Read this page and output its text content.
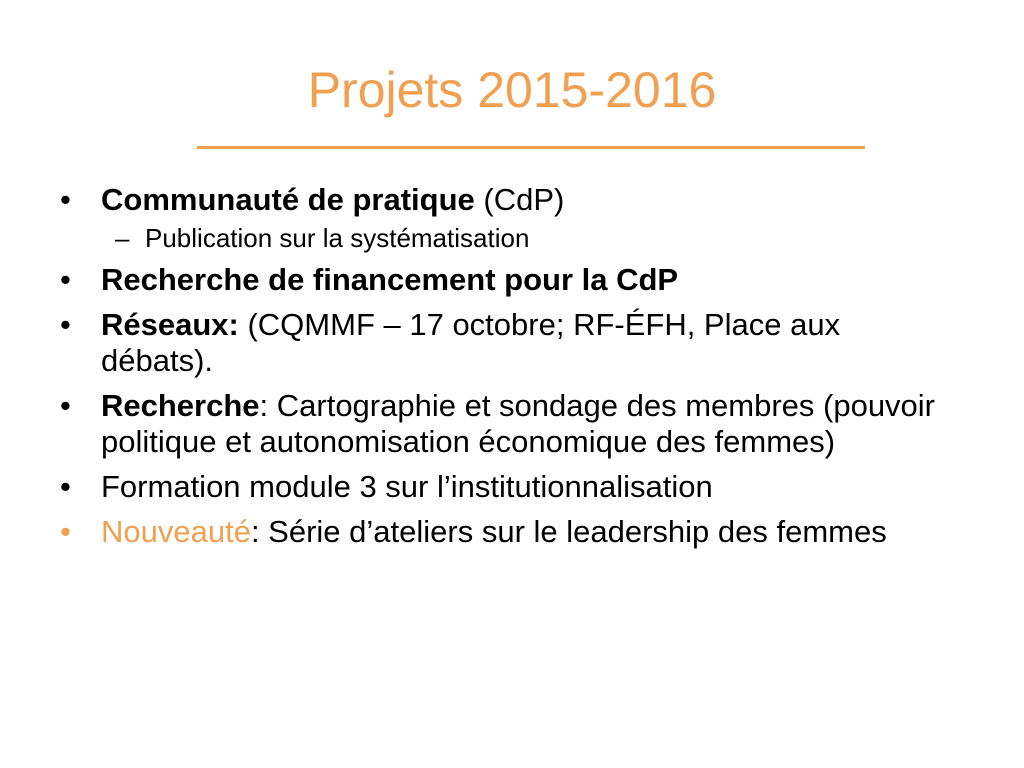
Projets 2015-2016
• Communauté de pratique (CdP)
– Publication sur la systématisation
• Recherche de financement pour la CdP
• Réseaux: (CQMMF – 17 octobre; RF-ÉFH, Place aux débats).
• Recherche: Cartographie et sondage des membres (pouvoir politique et autonomisation économique des femmes)
• Formation module 3 sur l’institutionnalisation
• Nouveauté: Série d’ateliers sur le leadership des femmes
